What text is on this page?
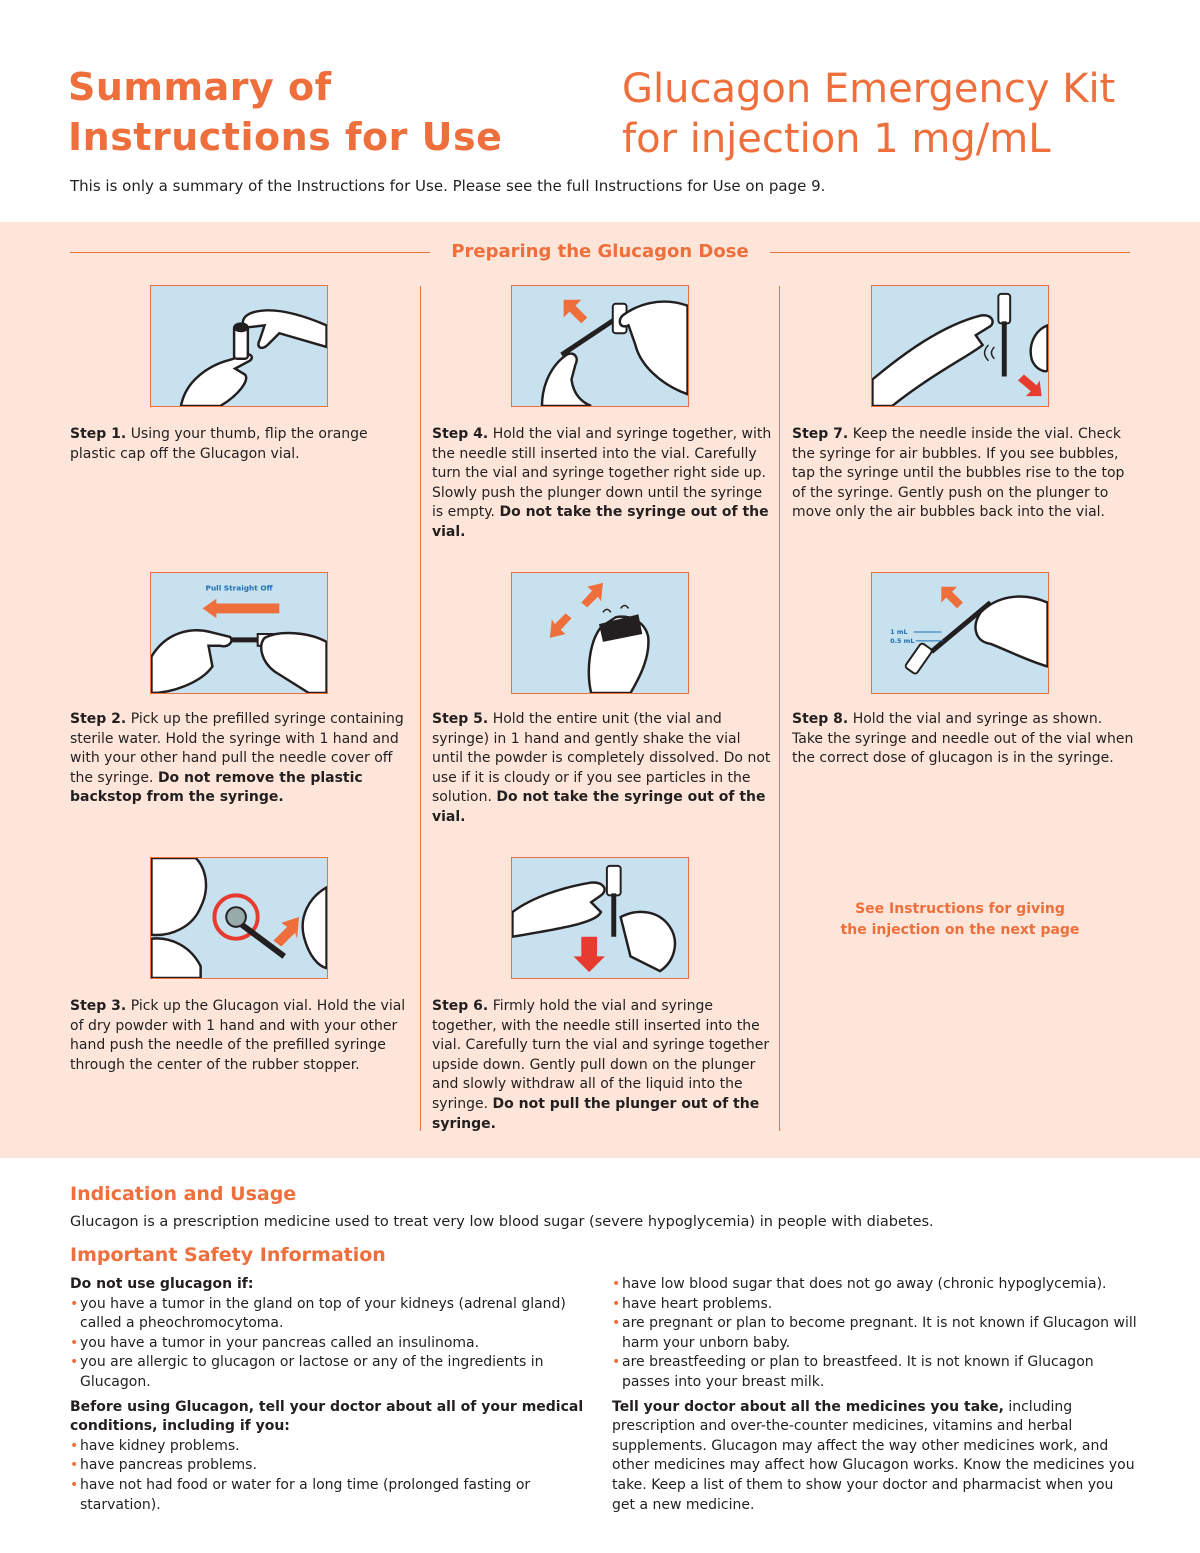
Summary of
Instructions for Use
Glucagon Emergency Kit
for injection 1 mg/mL
This is only a summary of the Instructions for Use. Please see the full Instructions for Use on page 9.
Preparing the Glucagon Dose
Pull Straight Off
1 mL
0.5 mL
Step 1. Using your thumb, flip the orange plastic cap off the Glucagon vial.
Step 2. Pick up the prefilled syringe containing sterile water. Hold the syringe with 1 hand and with your other hand pull the needle cover off the syringe. Do not remove the plastic backstop from the syringe.
Step 3. Pick up the Glucagon vial. Hold the vial of dry powder with 1 hand and with your other hand push the needle of the prefilled syringe through the center of the rubber stopper.
Step 4. Hold the vial and syringe together, with the needle still inserted into the vial. Carefully turn the vial and syringe together right side up. Slowly push the plunger down until the syringe is empty. Do not take the syringe out of the vial.
Step 5. Hold the entire unit (the vial and syringe) in 1 hand and gently shake the vial until the powder is completely dissolved. Do not use if it is cloudy or if you see particles in the solution. Do not take the syringe out of the vial.
Step 6. Firmly hold the vial and syringe together, with the needle still inserted into the vial. Carefully turn the vial and syringe together upside down. Gently pull down on the plunger and slowly withdraw all of the liquid into the syringe. Do not pull the plunger out of the syringe.
Step 7. Keep the needle inside the vial. Check the syringe for air bubbles. If you see bubbles, tap the syringe until the bubbles rise to the top of the syringe. Gently push on the plunger to move only the air bubbles back into the vial.
Step 8. Hold the vial and syringe as shown. Take the syringe and needle out of the vial when the correct dose of glucagon is in the syringe.
See Instructions for giving
the injection on the next page
Indication and Usage
Glucagon is a prescription medicine used to treat very low blood sugar (severe hypoglycemia) in people with diabetes.
Important Safety Information
Do not use glucagon if:
• you have a tumor in the gland on top of your kidneys (adrenal gland) called a pheochromocytoma.
• you have a tumor in your pancreas called an insulinoma.
• you are allergic to glucagon or lactose or any of the ingredients in Glucagon.
Before using Glucagon, tell your doctor about all of your medical conditions, including if you:
• have kidney problems.
• have pancreas problems.
• have not had food or water for a long time (prolonged fasting or starvation).
• have low blood sugar that does not go away (chronic hypoglycemia).
• have heart problems.
• are pregnant or plan to become pregnant. It is not known if Glucagon will harm your unborn baby.
• are breastfeeding or plan to breastfeed. It is not known if Glucagon passes into your breast milk.
Tell your doctor about all the medicines you take, including prescription and over-the-counter medicines, vitamins and herbal supplements. Glucagon may affect the way other medicines work, and other medicines may affect how Glucagon works. Know the medicines you take. Keep a list of them to show your doctor and pharmacist when you get a new medicine.
